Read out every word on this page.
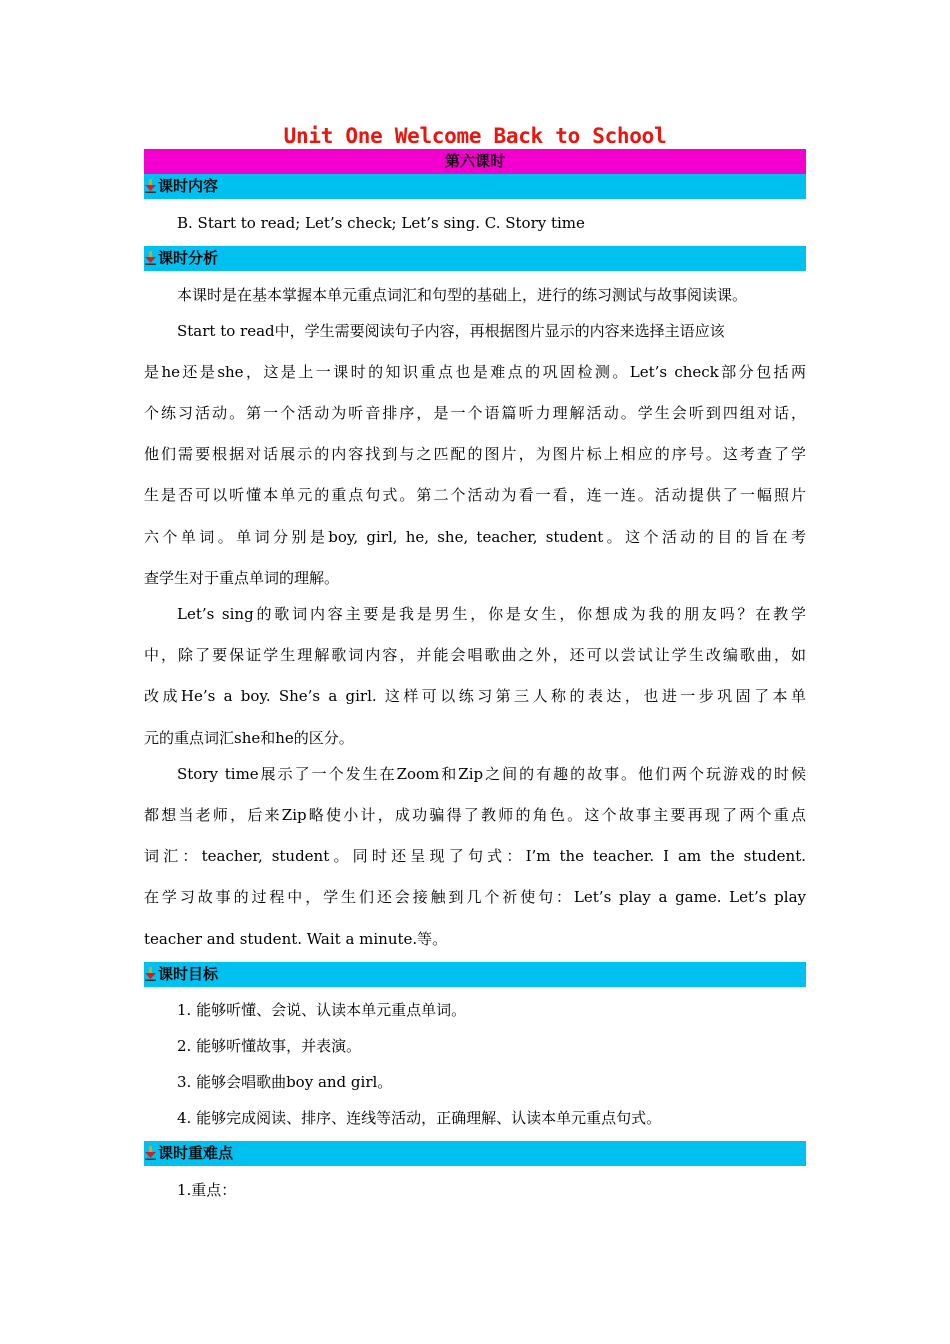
Unit One Welcome Back to School
第六课时
课时内容
B. Start to read; Let’s check; Let’s sing. C. Story time
课时分析
本课时是在基本掌握本单元重点词汇和句型的基础上，进行的练习测试与故事阅读课。
Start to read中，学生需要阅读句子内容，再根据图片显示的内容来选择主语应该
是he还是she，这是上一课时的知识重点也是难点的巩固检测。Let’s check部分包括两
个练习活动。第一个活动为听音排序，是一个语篇听力理解活动。学生会听到四组对话，
他们需要根据对话展示的内容找到与之匹配的图片，为图片标上相应的序号。这考查了学
生是否可以听懂本单元的重点句式。第二个活动为看一看，连一连。活动提供了一幅照片
六个单词。单词分别是boy, girl, he, she, teacher, student。这个活动的目的旨在考
查学生对于重点单词的理解。
Let’s sing的歌词内容主要是我是男生，你是女生，你想成为我的朋友吗？在教学
中，除了要保证学生理解歌词内容，并能会唱歌曲之外，还可以尝试让学生改编歌曲，如
改成He’s a boy. She’s a girl. 这样可以练习第三人称的表达，也进一步巩固了本单
元的重点词汇she和he的区分。
Story time展示了一个发生在Zoom和Zip之间的有趣的故事。他们两个玩游戏的时候
都想当老师，后来Zip略使小计，成功骗得了教师的角色。这个故事主要再现了两个重点
词汇：teacher, student。同时还呈现了句式：I’m the teacher. I am the student.
在学习故事的过程中，学生们还会接触到几个祈使句：Let’s play a game. Let’s play
teacher and student. Wait a minute.等。
课时目标
1. 能够听懂、会说、认读本单元重点单词。
2. 能够听懂故事，并表演。
3. 能够会唱歌曲boy and girl。
4. 能够完成阅读、排序、连线等活动，正确理解、认读本单元重点句式。
课时重难点
1.重点：
